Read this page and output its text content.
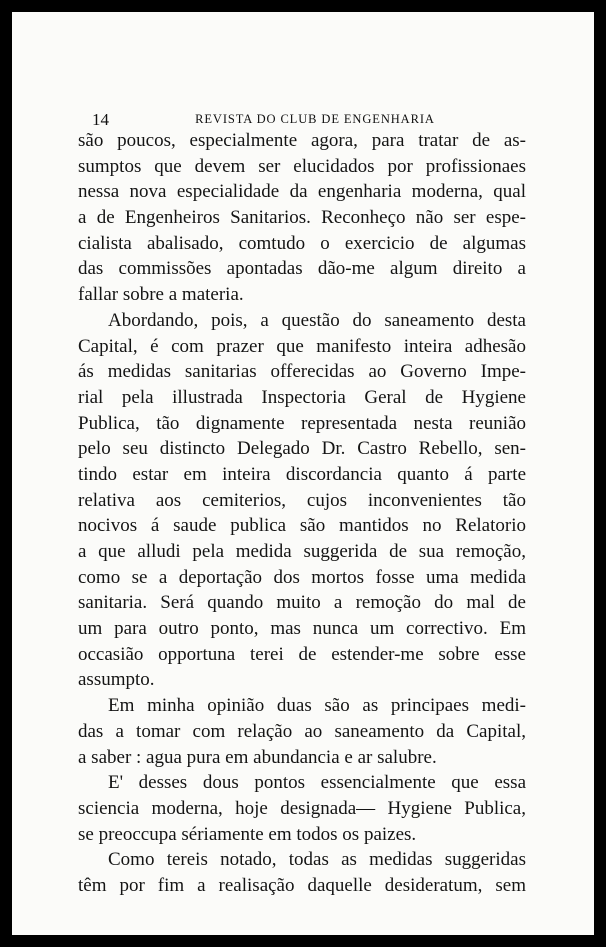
14	REVISTA DO CLUB DE ENGENHARIA
são poucos, especialmente agora, para tratar de as-
sumptos que devem ser elucidados por profissionaes
nessa nova especialidade da engenharia moderna, qual
a de Engenheiros Sanitarios. Reconheço não ser espe-
cialista abalisado, comtudo o exercicio de algumas
das commissões apontadas dão-me algum direito a
fallar sobre a materia.
Abordando, pois, a questão do saneamento desta
Capital, é com prazer que manifesto inteira adhesão
ás medidas sanitarias offerecidas ao Governo Impe-
rial pela illustrada Inspectoria Geral de Hygiene
Publica, tão dignamente representada nesta reunião
pelo seu distincto Delegado Dr. Castro Rebello, sen-
tindo estar em inteira discordancia quanto á parte
relativa aos cemiterios, cujos inconvenientes tão
nocivos á saude publica são mantidos no Relatorio
a que alludi pela medida suggerida de sua remoção,
como se a deportação dos mortos fosse uma medida
sanitaria. Será quando muito a remoção do mal de
um para outro ponto, mas nunca um correctivo. Em
occasião opportuna terei de estender-me sobre esse
assumpto.
Em minha opinião duas são as principaes medi-
das a tomar com relação ao saneamento da Capital,
a saber : agua pura em abundancia e ar salubre.
E' desses dous pontos essencialmente que essa
sciencia moderna, hoje designada— Hygiene Publica,
se preoccupa sériamente em todos os paizes.
Como tereis notado, todas as medidas suggeridas
têm por fim a realisação daquelle desideratum, sem
